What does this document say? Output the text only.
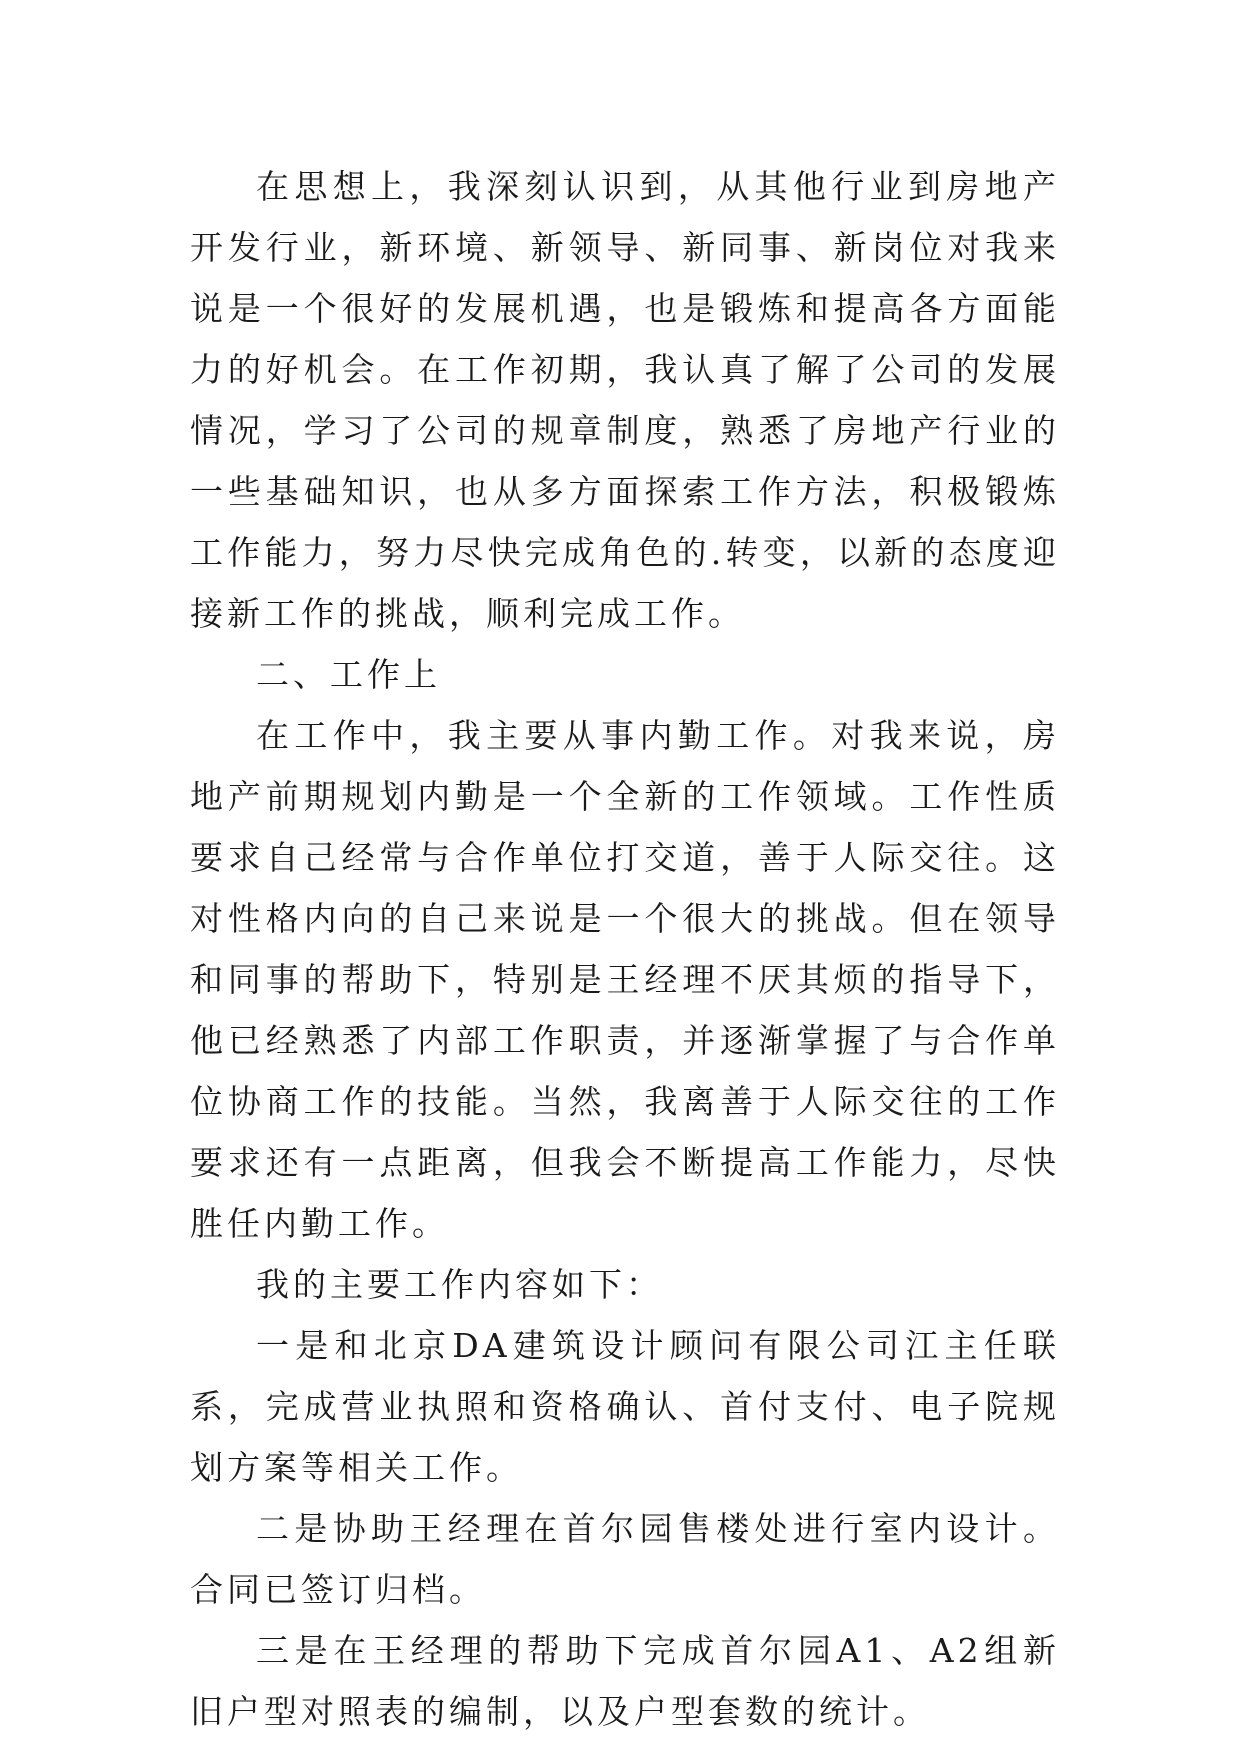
在思想上，我深刻认识到，从其他行业到房地产开发行业，新环境、新领导、新同事、新岗位对我来说是一个很好的发展机遇，也是锻炼和提高各方面能力的好机会。在工作初期，我认真了解了公司的发展情况，学习了公司的规章制度，熟悉了房地产行业的一些基础知识，也从多方面探索工作方法，积极锻炼工作能力，努力尽快完成角色的.转变，以新的态度迎接新工作的挑战，顺利完成工作。

二、工作上

在工作中，我主要从事内勤工作。对我来说，房地产前期规划内勤是一个全新的工作领域。工作性质要求自己经常与合作单位打交道，善于人际交往。这对性格内向的自己来说是一个很大的挑战。但在领导和同事的帮助下，特别是王经理不厌其烦的指导下，他已经熟悉了内部工作职责，并逐渐掌握了与合作单位协商工作的技能。当然，我离善于人际交往的工作要求还有一点距离，但我会不断提高工作能力，尽快胜任内勤工作。

我的主要工作内容如下：

一是和北京DA建筑设计顾问有限公司江主任联系，完成营业执照和资格确认、首付支付、电子院规划方案等相关工作。

二是协助王经理在首尔园售楼处进行室内设计。合同已签订归档。

三是在王经理的帮助下完成首尔园A1、A2组新旧户型对照表的编制，以及户型套数的统计。
